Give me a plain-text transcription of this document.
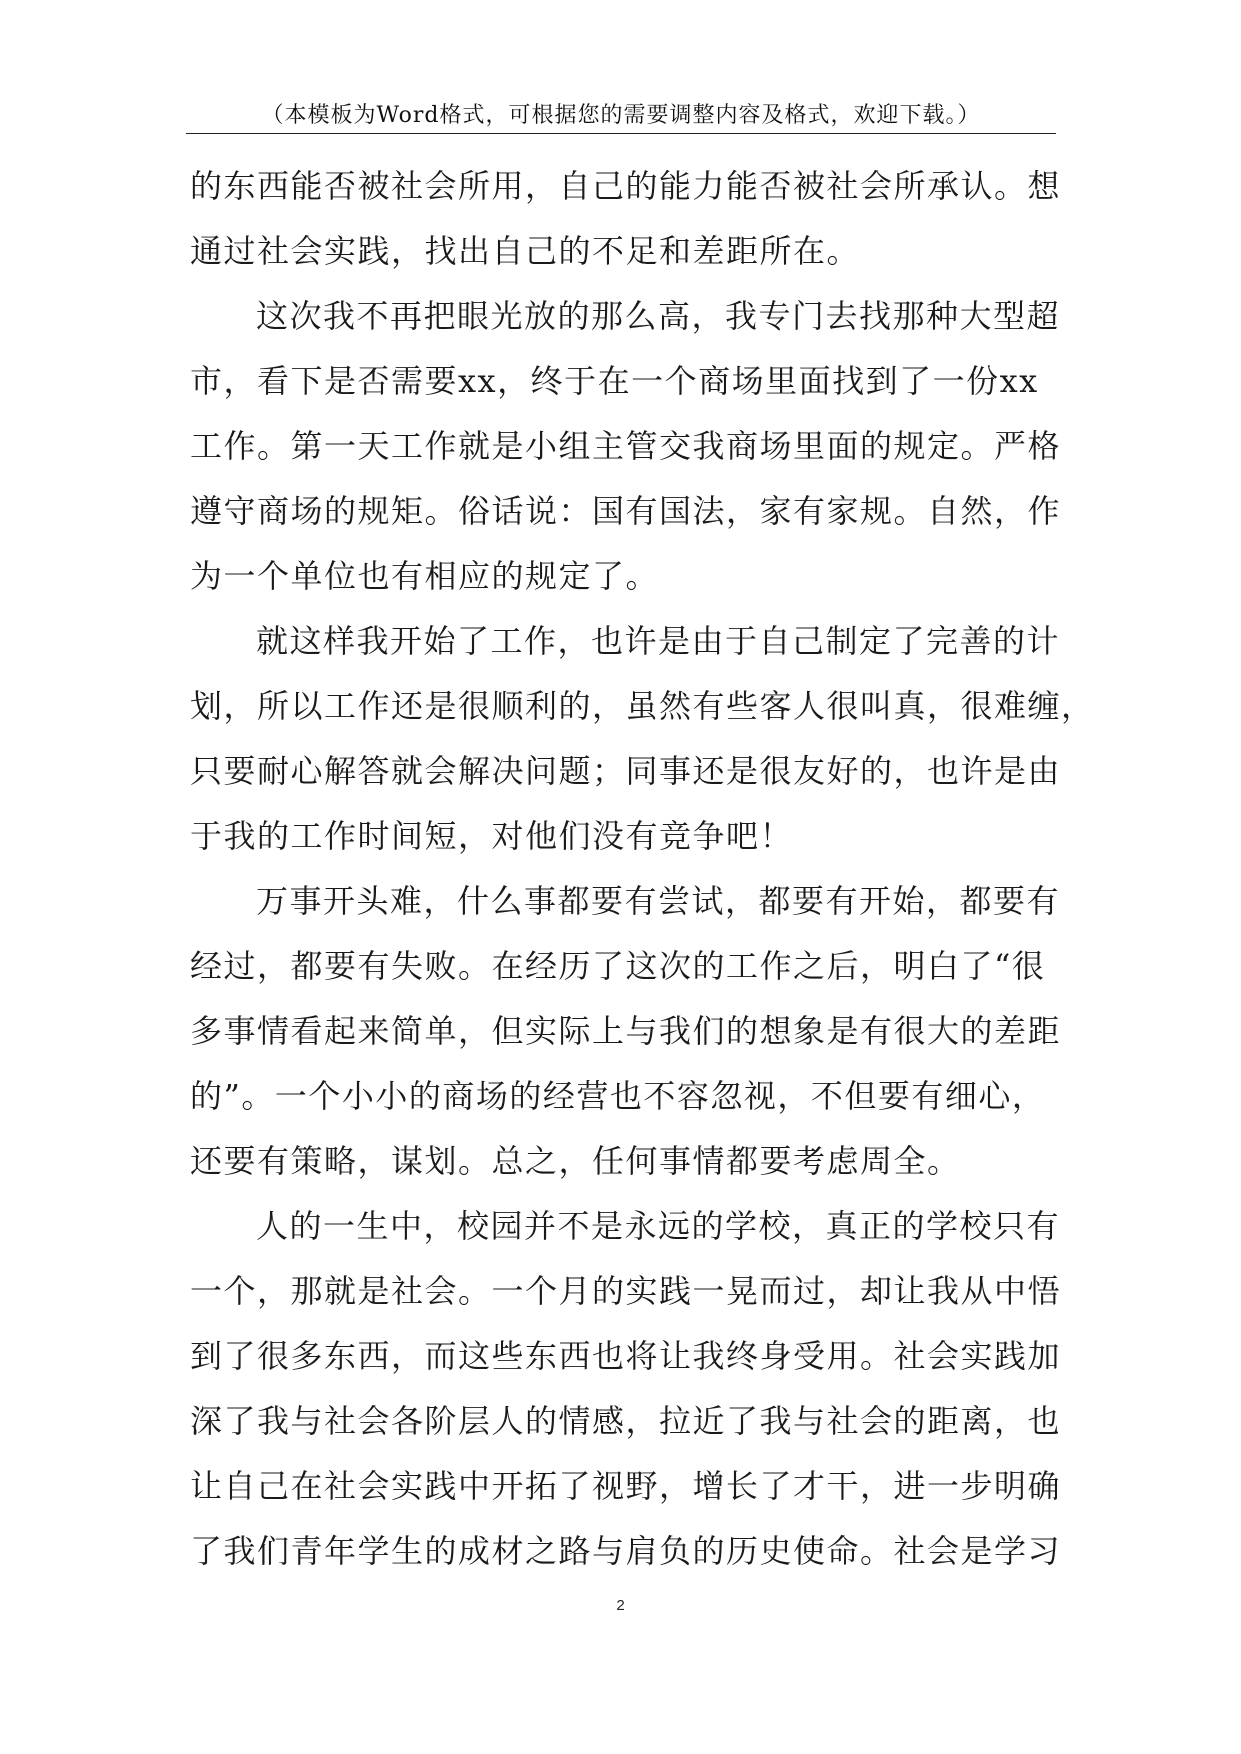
（本模板为Word格式，可根据您的需要调整内容及格式，欢迎下载。）
的东西能否被社会所用，自己的能力能否被社会所承认。想
通过社会实践，找出自己的不足和差距所在。
这次我不再把眼光放的那么高，我专门去找那种大型超
市，看下是否需要xx，终于在一个商场里面找到了一份xx
工作。第一天工作就是小组主管交我商场里面的规定。严格
遵守商场的规矩。俗话说：国有国法，家有家规。自然，作
为一个单位也有相应的规定了。
就这样我开始了工作，也许是由于自己制定了完善的计
划，所以工作还是很顺利的，虽然有些客人很叫真，很难缠，
只要耐心解答就会解决问题；同事还是很友好的，也许是由
于我的工作时间短，对他们没有竞争吧！
万事开头难，什么事都要有尝试，都要有开始，都要有
经过，都要有失败。在经历了这次的工作之后，明白了“很
多事情看起来简单，但实际上与我们的想象是有很大的差距
的”。一个小小的商场的经营也不容忽视，不但要有细心，
还要有策略，谋划。总之，任何事情都要考虑周全。
人的一生中，校园并不是永远的学校，真正的学校只有
一个，那就是社会。一个月的实践一晃而过，却让我从中悟
到了很多东西，而这些东西也将让我终身受用。社会实践加
深了我与社会各阶层人的情感，拉近了我与社会的距离，也
让自己在社会实践中开拓了视野，增长了才干，进一步明确
了我们青年学生的成材之路与肩负的历史使命。社会是学习
2
